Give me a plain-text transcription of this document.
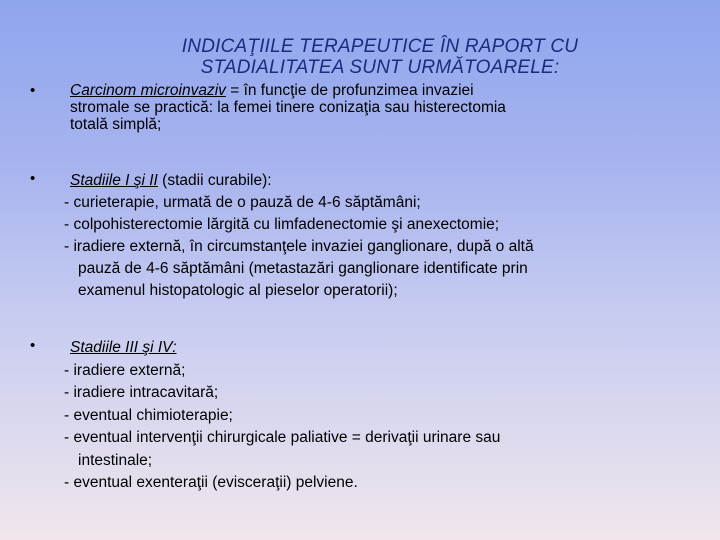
INDICAŢIILE TERAPEUTICE ÎN RAPORT CU
STADIALITATEA SUNT URMĂTOARELE:
• Carcinom microinvaziv = în funcţie de profunzimea invaziei
stromale se practică: la femei tinere conizaţia sau histerectomia
totală simplă;
• Stadiile I şi II (stadii curabile):
- curieterapie, urmată de o pauză de 4-6 săptămâni;
- colpohisterectomie lărgită cu limfadenectomie şi anexectomie;
- iradiere externă, în circumstanţele invaziei ganglionare, după o altă
pauză de 4-6 săptămâni (metastazări ganglionare identificate prin
examenul histopatologic al pieselor operatorii);
• Stadiile III şi IV:
- iradiere externă;
- iradiere intracavitară;
- eventual chimioterapie;
- eventual intervenţii chirurgicale paliative = derivaţii urinare sau
intestinale;
- eventual exenteraţii (evisceraţii) pelviene.
